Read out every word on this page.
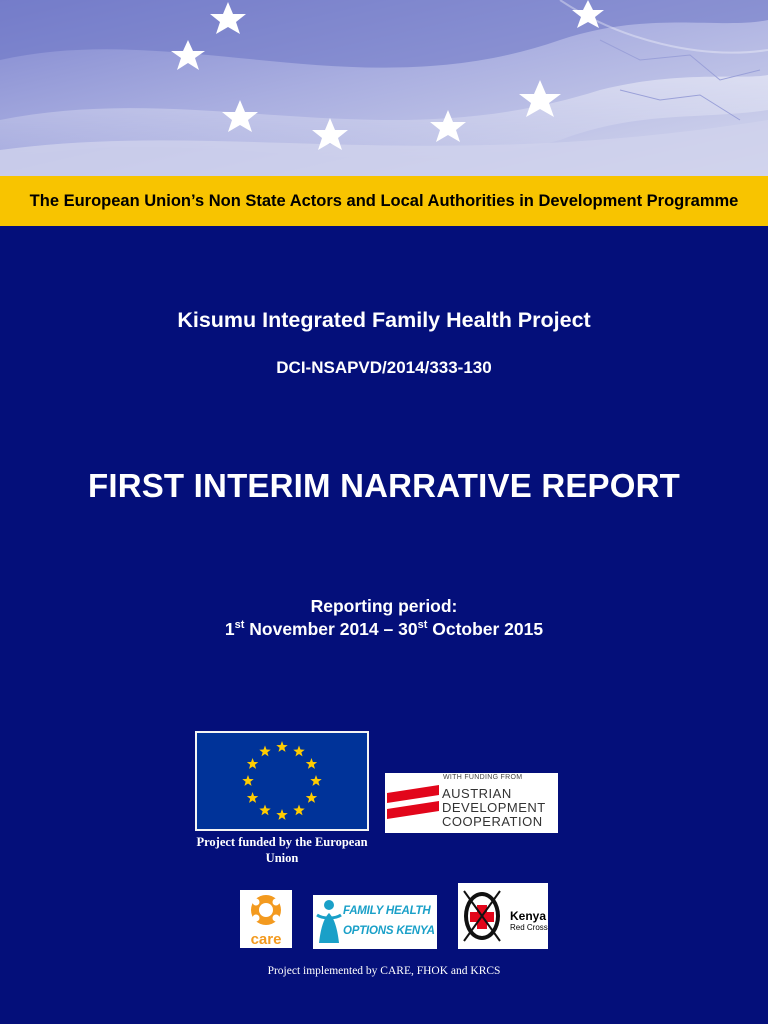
The European Union’s Non State Actors and Local Authorities in Development Programme
Kisumu Integrated Family Health Project
DCI-NSAPVD/2014/333-130
FIRST INTERIM NARRATIVE REPORT
Reporting period:
1st November 2014 – 30st October 2015
Project funded by the European Union
WITH FUNDING FROM
AUSTRIAN
DEVELOPMENT
COOPERATION
care
FAMILY HEALTH
OPTIONS KENYA
Kenya
Red Cross
Project implemented by CARE, FHOK and KRCS
